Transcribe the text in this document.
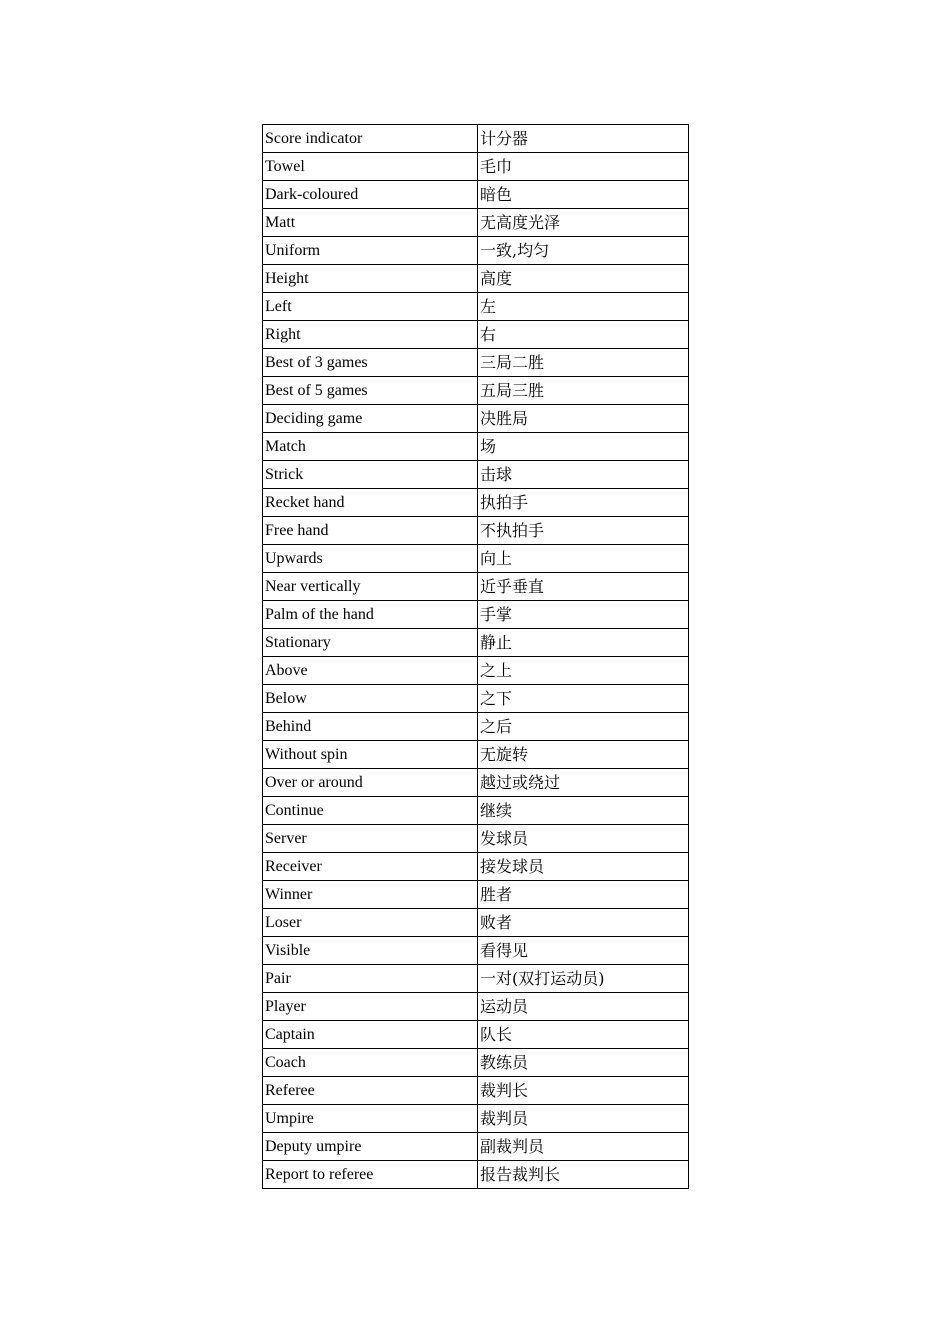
Score indicator	计分器
Towel	毛巾
Dark-coloured	暗色
Matt	无高度光泽
Uniform	一致,均匀
Height	高度
Left	左
Right	右
Best of 3 games	三局二胜
Best of 5 games	五局三胜
Deciding game	决胜局
Match	场
Strick	击球
Recket hand	执拍手
Free hand	不执拍手
Upwards	向上
Near vertically	近乎垂直
Palm of the hand	手掌
Stationary	静止
Above	之上
Below	之下
Behind	之后
Without spin	无旋转
Over or around	越过或绕过
Continue	继续
Server	发球员
Receiver	接发球员
Winner	胜者
Loser	败者
Visible	看得见
Pair	一对(双打运动员)
Player	运动员
Captain	队长
Coach	教练员
Referee	裁判长
Umpire	裁判员
Deputy umpire	副裁判员
Report to referee	报告裁判长
